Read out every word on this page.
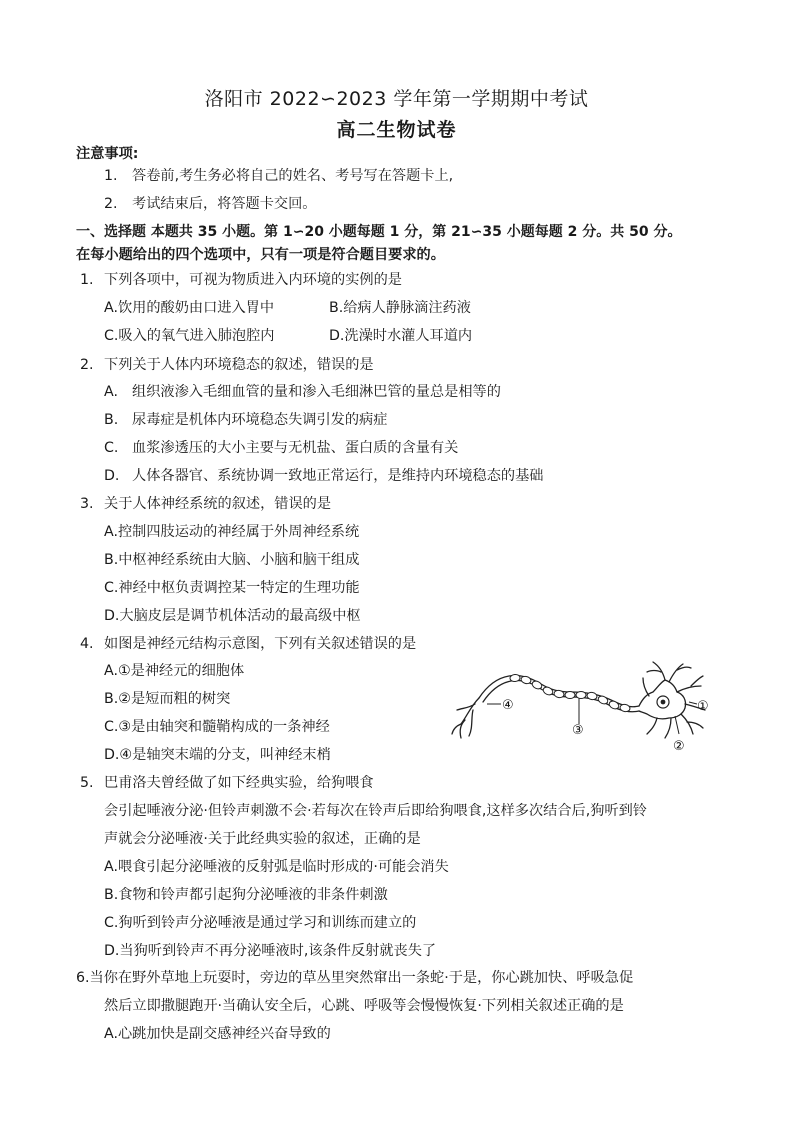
洛阳市 2022∽2023 学年第一学期期中考试
高二生物试卷
注意事项:
1. 答卷前,考生务必将自己的姓名、考号写在答题卡上,
2. 考试结束后，将答题卡交回。
一、选择题 本题共 35 小题。第 1∽20 小题每题 1 分，第 21∽35 小题每题 2 分。共 50 分。
在每小题给出的四个选项中，只有一项是符合题目要求的。
1. 下列各项中，可视为物质进入内环境的实例的是
A.饮用的酸奶由口进入胃中	B.给病人静脉滴注药液
C.吸入的氧气进入肺泡腔内	D.洗澡时水灌人耳道内
2. 下列关于人体内环境稳态的叙述，错误的是
A. 组织液渗入毛细血管的量和渗入毛细淋巴管的量总是相等的
B. 尿毒症是机体内环境稳态失调引发的病症
C. 血浆渗透压的大小主要与无机盐、蛋白质的含量有关
D. 人体各器官、系统协调一致地正常运行，是维持内环境稳态的基础
3. 关于人体神经系统的叙述，错误的是
A.控制四肢运动的神经属于外周神经系统
B.中枢神经系统由大脑、小脑和脑干组成
C.神经中枢负责调控某一特定的生理功能
D.大脑皮层是调节机体活动的最高级中枢
4. 如图是神经元结构示意图，下列有关叙述错误的是
A.①是神经元的细胞体
B.②是短而粗的树突
C.③是由轴突和髓鞘构成的一条神经
D.④是轴突末端的分支，叫神经末梢
④
③
①
②
5. 巴甫洛夫曾经做了如下经典实验，给狗喂食
会引起唾液分泌·但铃声刺激不会·若每次在铃声后即给狗喂食,这样多次结合后,狗听到铃
声就会分泌唾液·关于此经典实验的叙述，正确的是
A.喂食引起分泌唾液的反射弧是临时形成的·可能会消失
B.食物和铃声都引起狗分泌唾液的非条件刺激
C.狗听到铃声分泌唾液是通过学习和训练而建立的
D.当狗听到铃声不再分泌唾液时,该条件反射就丧失了
6.当你在野外草地上玩耍时，旁边的草丛里突然窜出一条蛇·于是，你心跳加快、呼吸急促
然后立即撒腿跑开·当确认安全后，心跳、呼吸等会慢慢恢复·下列相关叙述正确的是
A.心跳加快是副交感神经兴奋导致的
